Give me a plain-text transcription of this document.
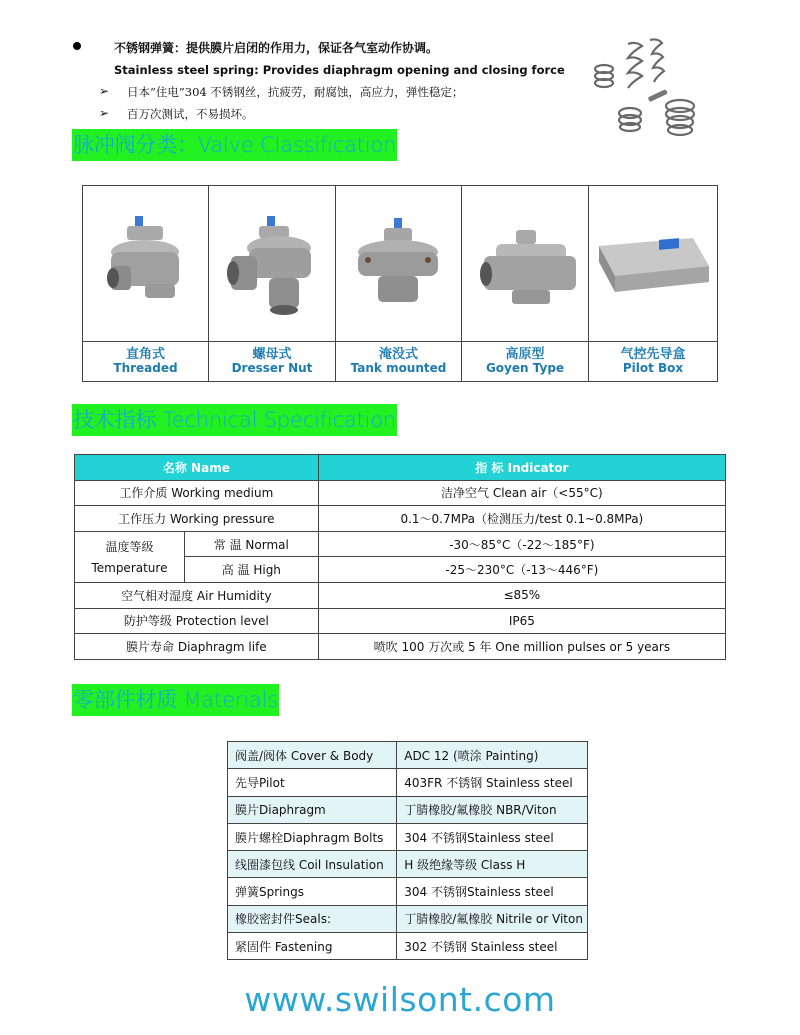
不锈钢弹簧：提供膜片启闭的作用力，保证各气室动作协调。
Stainless steel spring: Provides diaphragm opening and closing force
➢ 日本“住电”304 不锈钢丝，抗疲劳，耐腐蚀，高应力，弹性稳定；
➢ 百万次测试，不易损坏。
脉冲阀分类：Valve Classification
直角式
Threaded
螺母式
Dresser Nut
淹没式
Tank mounted
高原型
Goyen Type
气控先导盒
Pilot Box
技术指标 Technical Specification
名称 Name		指 标 Indicator
工作介质 Working medium		洁净空气 Clean air（<55°C)
工作压力 Working pressure		0.1～0.7MPa（检测压力/test 0.1~0.8MPa)

温度等级
Temperature	常 温 Normal	-30～85°C（-22～185°F)
	高 温 High	-25～230°C（-13～446°F)
空气相对湿度 Air Humidity		≤85%
防护等级 Protection level		IP65
膜片寿命 Diaphragm life		喷吹 100 万次或 5 年 One million pulses or 5 years
零部件材质 Materials
阀盖/阀体 Cover & Body	ADC 12 (喷涂 Painting)
先导Pilot	403FR 不锈钢 Stainless steel
膜片Diaphragm	丁腈橡胶/氟橡胶 NBR/Viton
膜片螺栓Diaphragm Bolts	304 不锈钢Stainless steel
线圈漆包线 Coil Insulation	H 级绝缘等级 Class H
弹簧Springs	304 不锈钢Stainless steel
橡胶密封件Seals:	丁腈橡胶/氟橡胶 Nitrile or Viton
紧固件 Fastening	302 不锈钢 Stainless steel
www.swilsont.com
